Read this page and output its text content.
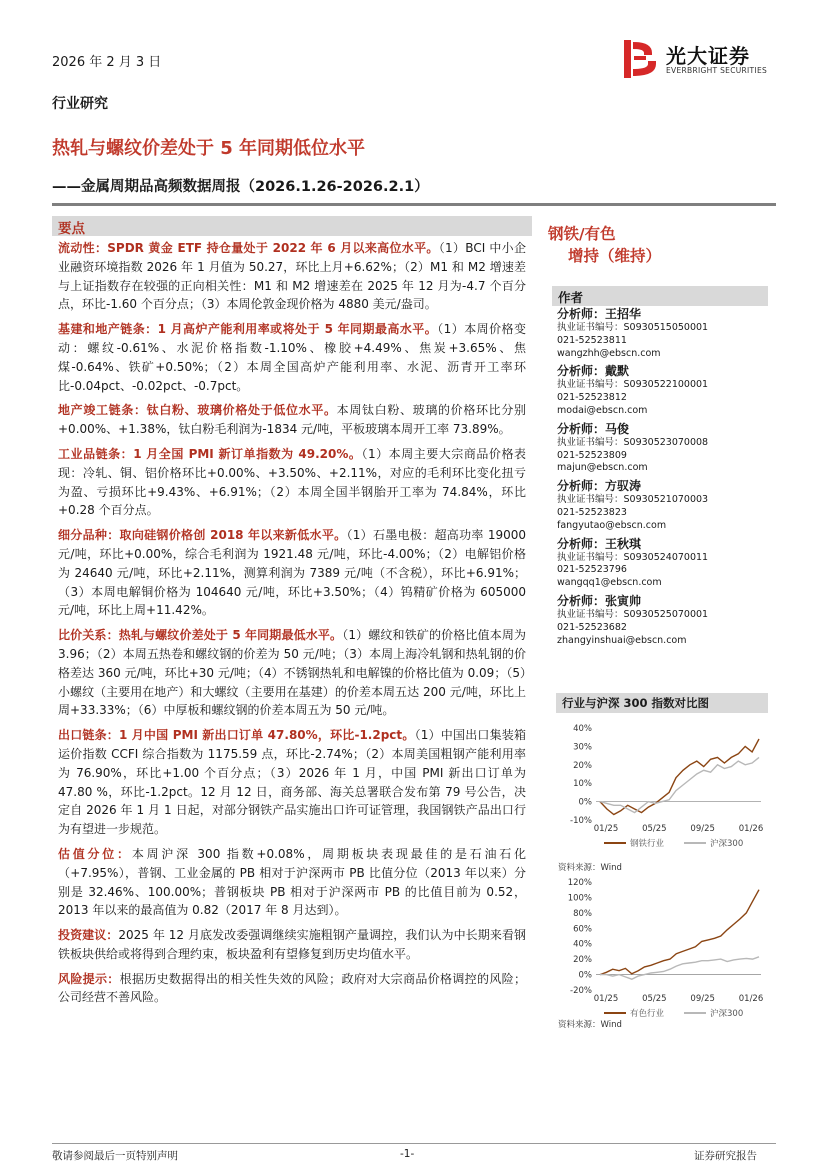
2026 年 2 月 3 日	光大证券
EVERBRIGHT SECURITIES
行业研究
热轧与螺纹价差处于 5 年同期低位水平
——金属周期品高频数据周报（2026.1.26-2026.2.1）
要点

流动性：SPDR 黄金 ETF 持仓量处于 2022 年 6 月以来高位水平。（1）BCI 中小企业融资环境指数 2026 年 1 月值为 50.27，环比上月+6.62%；（2）M1 和 M2 增速差与上证指数存在较强的正向相关性：M1 和 M2 增速差在 2025 年 12 月为-4.7 个百分点，环比-1.60 个百分点；（3）本周伦敦金现价格为 4880 美元/盎司。

基建和地产链条：1 月高炉产能利用率或将处于 5 年同期最高水平。（1）本周价格变动：螺纹-0.61%、水泥价格指数-1.10%、橡胶+4.49%、焦炭+3.65%、焦煤-0.64%、铁矿+0.50%；（2）本周全国高炉产能利用率、水泥、沥青开工率环比-0.04pct、-0.02pct、-0.7pct。

地产竣工链条：钛白粉、玻璃价格处于低位水平。本周钛白粉、玻璃的价格环比分别+0.00%、+1.38%，钛白粉毛利润为-1834 元/吨，平板玻璃本周开工率 73.89%。

工业品链条：1 月全国 PMI 新订单指数为 49.20%。（1）本周主要大宗商品价格表现：冷轧、铜、铝价格环比+0.00%、+3.50%、+2.11%，对应的毛利环比变化扭亏为盈、亏损环比+9.43%、+6.91%；（2）本周全国半钢胎开工率为 74.84%，环比+0.28 个百分点。

细分品种：取向硅钢价格创 2018 年以来新低水平。（1）石墨电极：超高功率 19000 元/吨，环比+0.00%，综合毛利润为 1921.48 元/吨，环比-4.00%；（2）电解铝价格为 24640 元/吨，环比+2.11%，测算利润为 7389 元/吨（不含税），环比+6.91%；（3）本周电解铜价格为 104640 元/吨，环比+3.50%；（4）钨精矿价格为 605000 元/吨，环比上周+11.42%。

比价关系：热轧与螺纹价差处于 5 年同期最低水平。（1）螺纹和铁矿的价格比值本周为 3.96；（2）本周五热卷和螺纹钢的价差为 50 元/吨；（3）本周上海冷轧钢和热轧钢的价格差达 360 元/吨，环比+30 元/吨；（4）不锈钢热轧和电解镍的价格比值为 0.09；（5）小螺纹（主要用在地产）和大螺纹（主要用在基建）的价差本周五达 200 元/吨，环比上周+33.33%；（6）中厚板和螺纹钢的价差本周五为 50 元/吨。

出口链条：1 月中国 PMI 新出口订单 47.80%，环比-1.2pct。（1）中国出口集装箱运价指数 CCFI 综合指数为 1175.59 点，环比-2.74%；（2）本周美国粗钢产能利用率为 76.90%，环比+1.00 个百分点；（3）2026 年 1 月，中国 PMI 新出口订单为 47.80 %，环比-1.2pct。12 月 12 日，商务部、海关总署联合发布第 79 号公告，决定自 2026 年 1 月 1 日起，对部分钢铁产品实施出口许可证管理，我国钢铁产品出口行为有望进一步规范。

估值分位：本周沪深 300 指数+0.08%，周期板块表现最佳的是石油石化（+7.95%），普钢、工业金属的 PB 相对于沪深两市 PB 比值分位（2013 年以来）分别是 32.46%、100.00%；普钢板块 PB 相对于沪深两市 PB 的比值目前为 0.52，2013 年以来的最高值为 0.82（2017 年 8 月达到）。

投资建议：2025 年 12 月底发改委强调继续实施粗钢产量调控，我们认为中长期来看钢铁板块供给或将得到合理约束，板块盈利有望修复到历史均值水平。

风险提示：根据历史数据得出的相关性失效的风险；政府对大宗商品价格调控的风险；公司经营不善风险。

钢铁/有色
增持（维持）
作者
分析师：王招华
执业证书编号：S0930515050001
021-52523811
wangzhh@ebscn.com
分析师：戴默
执业证书编号：S0930522100001
021-52523812
modai@ebscn.com
分析师：马俊
执业证书编号：S0930523070008
021-52523809
majun@ebscn.com
分析师：方驭涛
执业证书编号：S0930521070003
021-52523823
fangyutao@ebscn.com
分析师：王秋琪
执业证书编号：S0930524070011
021-52523796
wangqq1@ebscn.com
分析师：张寅帅
执业证书编号：S0930525070001
021-52523682
zhangyinshuai@ebscn.com
行业与沪深 300 指数对比图
40%
30%
20%
10%
0%
-10%
01/25	05/25	09/25	01/26
钢铁行业	沪深300
资料来源：Wind
120%
100%
80%
60%
40%
20%
0%
-20%
01/25	05/25	09/25	01/26
有色行业	沪深300
资料来源：Wind
敬请参阅最后一页特别声明	-1-	证券研究报告
